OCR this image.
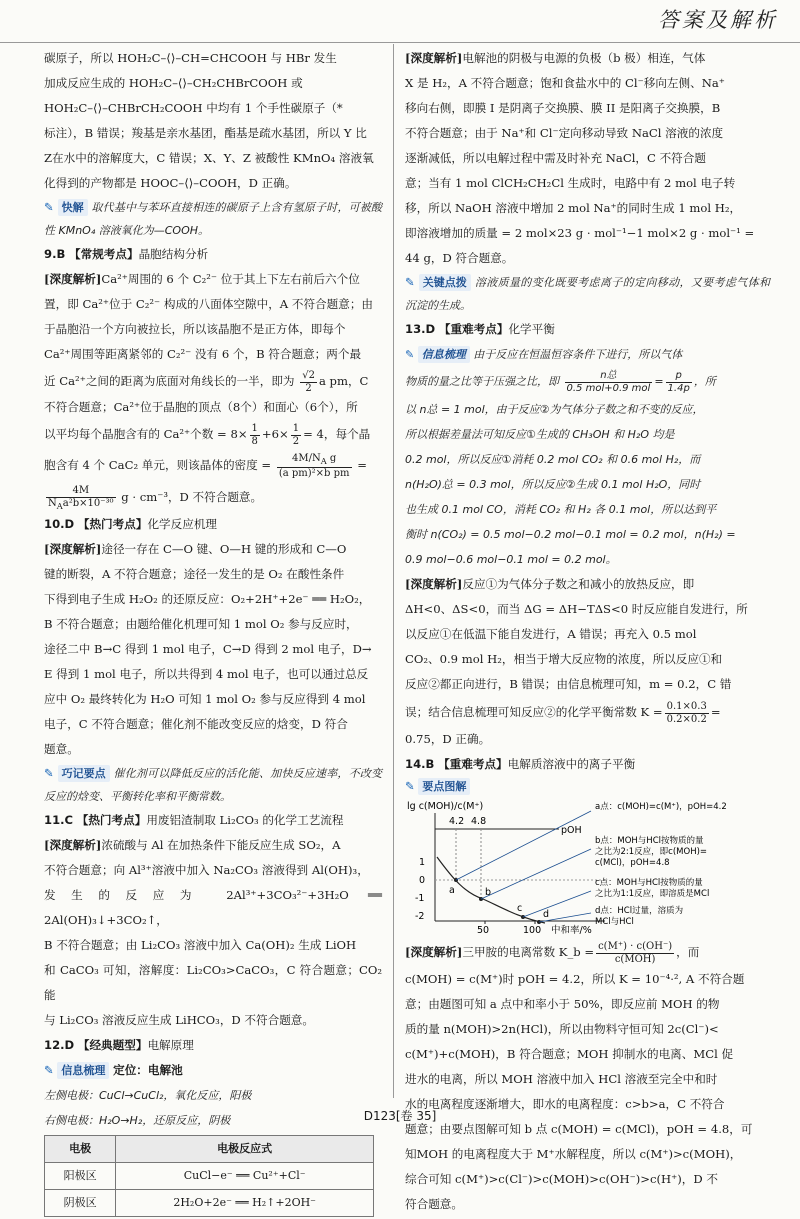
答案及解析

碳原子，所以 HOH₂C–⟨⟩–CH=CHCOOH 与 HBr 发生

加成反应生成的 HOH₂C–⟨⟩–CH₂CHBrCOOH 或

HOH₂C–⟨⟩–CHBrCH₂COOH 中均有 1 个手性碳原子（*

标注），B 错误；羧基是亲水基团，酯基是疏水基团，所以 Y 比

Z在水中的溶解度大，C 错误；X、Y、Z 被酸性 KMnO₄ 溶液氧

化得到的产物都是 HOOC–⟨⟩–COOH，D 正确。

✎ 快解 取代基中与苯环直接相连的碳原子上含有氢原子时，可被酸性 KMnO₄ 溶液氧化为—COOH。

9.B 【常规考点】晶胞结构分析

[深度解析]Ca²⁺周围的 6 个 C₂²⁻ 位于其上下左右前后六个位

置，即 Ca²⁺位于 C₂²⁻ 构成的八面体空隙中，A 不符合题意；由

于晶胞沿一个方向被拉长，所以该晶胞不是正方体，即每个

Ca²⁺周围等距离紧邻的 C₂²⁻ 没有 6 个，B 符合题意；两个最

近 Ca²⁺之间的距离为底面对角线长的一半，即为 $\frac{√2}{2}$ a pm，C

不符合题意；Ca²⁺位于晶胞的顶点（8个）和面心（6个），所

以平均每个晶胞含有的 Ca²⁺个数 = $8\times \frac{1}{8} +6\times \frac{1}{2} = 4$，每个晶

胞含有 4 个 CaC₂ 单元，则该晶体的密度 = $\frac{4M/N_A g}{\text{(a pm)²×b pm}}$ =

$\frac{4M}{N_Aa^2b\times 10^{-30}}$ g · cm⁻³，D 不符合题意。

10.D 【热门考点】化学反应机理

[深度解析]途径一存在 C—O 键、O—H 键的形成和 C—O

键的断裂，A 不符合题意；途径一发生的是 O₂ 在酸性条件

下得到电子生成 H₂O₂ 的还原反应：O₂+2H⁺+2e⁻ ══ H₂O₂，

B 不符合题意；由题给催化机理可知 1 mol O₂ 参与反应时，

途径二中 B→C 得到 1 mol 电子，C→D 得到 2 mol 电子，D→

E 得到 1 mol 电子，所以共得到 4 mol 电子，也可以通过总反

应中 O₂ 最终转化为 H₂O 可知 1 mol O₂ 参与反应得到 4 mol

电子，C 不符合题意；催化剂不能改变反应的焓变，D 符合

题意。

✎ 巧记要点 催化剂可以降低反应的活化能、加快反应速率，不改变反应的焓变、平衡转化率和平衡常数。

11.C 【热门考点】用废铝渣制取 Li₂CO₃ 的化学工艺流程

[深度解析]浓硫酸与 Al 在加热条件下能反应生成 SO₂，A

不符合题意；向 Al³⁺溶液中加入 Na₂CO₃ 溶液得到 Al(OH)₃，

发生的反应为 2Al³⁺+3CO₃²⁻+3H₂O ══ 2Al(OH)₃↓+3CO₂↑，

B 不符合题意；由 Li₂CO₃ 溶液中加入 Ca(OH)₂ 生成 LiOH

和 CaCO₃ 可知，溶解度：Li₂CO₃>CaCO₃，C 符合题意；CO₂ 能

与 Li₂CO₃ 溶液反应生成 LiHCO₃，D 不符合题意。

12.D 【经典题型】电解原理

✎ 信息梳理 定位：电解池

左侧电极：CuCl→CuCl₂，氧化反应，阳极

右侧电极：H₂O→H₂，还原反应，阴极

电极	电极反应式
阳极区	CuCl−e⁻ ══ Cu²⁺+Cl⁻
阴极区	2H₂O+2e⁻ ══ H₂↑+2OH⁻

[深度解析]电解池的阴极与电源的负极（b 极）相连，气体

X 是 H₂，A 不符合题意；饱和食盐水中的 Cl⁻移向左侧、Na⁺

移向右侧，即膜 I 是阴离子交换膜、膜 II 是阳离子交换膜，B

不符合题意；由于 Na⁺和 Cl⁻定向移动导致 NaCl 溶液的浓度

逐渐减低，所以电解过程中需及时补充 NaCl，C 不符合题

意；当有 1 mol ClCH₂CH₂Cl 生成时，电路中有 2 mol 电子转

移，所以 NaOH 溶液中增加 2 mol Na⁺的同时生成 1 mol H₂，

即溶液增加的质量 = 2 mol×23 g · mol⁻¹−1 mol×2 g · mol⁻¹ =

44 g，D 符合题意。

✎ 关键点拨 溶液质量的变化既要考虑离子的定向移动，又要考虑气体和沉淀的生成。

13.D 【重难考点】化学平衡

✎ 信息梳理 由于反应在恒温恒容条件下进行，所以气体

物质的量之比等于压强之比，即 $\frac{\text{n总}}{\text{0.5 mol+0.9 mol}} = \frac{p}{1.4p}$ ，所

以 n总 = 1 mol，由于反应②为气体分子数之和不变的反应，

所以根据差量法可知反应①生成的 CH₃OH 和 H₂O 均是

0.2 mol，所以反应①消耗 0.2 mol CO₂ 和 0.6 mol H₂，而

n(H₂O)总 = 0.3 mol，所以反应②生成 0.1 mol H₂O，同时

也生成 0.1 mol CO，消耗 CO₂ 和 H₂ 各 0.1 mol，所以达到平

衡时 n(CO₂) = 0.5 mol−0.2 mol−0.1 mol = 0.2 mol，n(H₂) =

0.9 mol−0.6 mol−0.1 mol = 0.2 mol。

[深度解析]反应①为气体分子数之和减小的放热反应，即

ΔH<0、ΔS<0，而当 ΔG = ΔH−TΔS<0 时反应能自发进行，所

以反应①在低温下能自发进行，A 错误；再充入 0.5 mol

CO₂、0.9 mol H₂，相当于增大反应物的浓度，所以反应①和

反应②都正向进行，B 错误；由信息梳理可知，m = 0.2，C 错

误；结合信息梳理可知反应②的化学平衡常数 $K = \frac{0.1\times 0.3}{0.2\times 0.2}$ =

0.75，D 正确。

14.B 【重难考点】电解质溶液中的离子平衡

✎ 要点图解

lg c(MOH)/c(M⁺)
1
0
-1
-2
4.2 4.8
pOH
a	b
c
d
50	100 中和率/%
a点：c(MOH)=c(M⁺)，pOH=4.2
b点：MOH与HCl按物质的量
之比为2:1反应，即c(MOH)=
c(MCl)，pOH=4.8
c点：MOH与HCl按物质的量
之比为1:1反应，即溶质是MCl
d点：HCl过量，溶质为
MCl与HCl

[深度解析]三甲胺的电离常数 K_b = $\frac{c(M^+) \cdot c(OH^-)}{\text{c(MOH)}}$ ，而

c(MOH) = c(M⁺)时 pOH = 4.2，所以 K = 10⁻⁴·², A 不符合题

意；由题图可知 a 点中和率小于 50%，即反应前 MOH 的物

质的量 n(MOH)>2n(HCl)，所以由物料守恒可知 2c(Cl⁻)<

c(M⁺)+c(MOH)，B 符合题意；MOH 抑制水的电离、MCl 促

进水的电离，所以 MOH 溶液中加入 HCl 溶液至完全中和时

水的电离程度逐渐增大，即水的电离程度：c>b>a，C 不符合

题意；由要点图解可知 b 点 c(MOH) = c(MCl)，pOH = 4.8，可

知MOH 的电离程度大于 M⁺水解程度，所以 c(M⁺)>c(MOH)，

综合可知 c(M⁺)>c(Cl⁻)>c(MOH)>c(OH⁻)>c(H⁺)，D 不

符合题意。

D123[卷 35]
